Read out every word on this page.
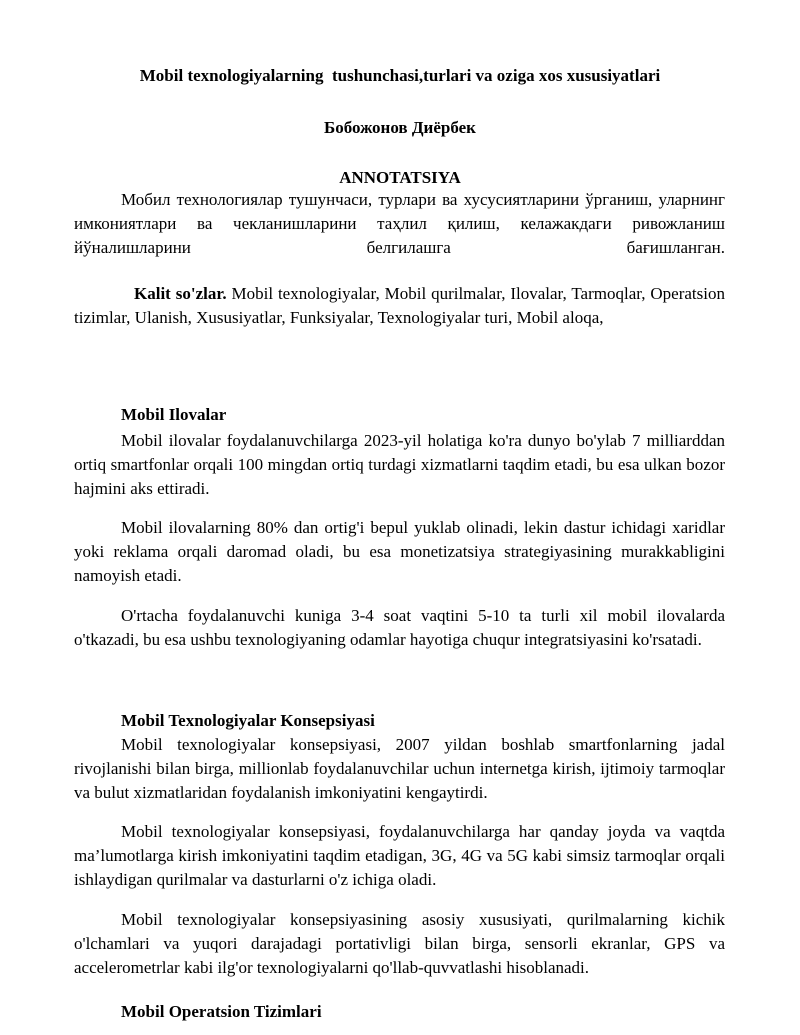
Mobil texnologiyalarning  tushunchasi,turlari va oziga xos xususiyatlari
Бобожонов Диёрбек
ANNOTATSIYA

Мобил технологиялар тушунчаси, турлари ва хусусиятларини ўрганиш, уларнинг имкониятлари ва чекланишларини таҳлил қилиш, келажакдаги ривожланиш йўналишларини белгилашга бағишланган.

Kalit so'zlar. Mobil texnologiyalar, Mobil qurilmalar, Ilovalar, Tarmoqlar, Operatsion tizimlar, Ulanish, Xususiyatlar, Funksiyalar, Texnologiyalar turi, Mobil aloqa,

Mobil Ilovalar

Mobil ilovalar foydalanuvchilarga 2023-yil holatiga ko'ra dunyo bo'ylab 7 milliarddan ortiq smartfonlar orqali 100 mingdan ortiq turdagi xizmatlarni taqdim etadi, bu esa ulkan bozor hajmini aks ettiradi.

Mobil ilovalarning 80% dan ortig'i bepul yuklab olinadi, lekin dastur ichidagi xaridlar yoki reklama orqali daromad oladi, bu esa monetizatsiya strategiyasining murakkabligini namoyish etadi.

O'rtacha foydalanuvchi kuniga 3-4 soat vaqtini 5-10 ta turli xil mobil ilovalarda o'tkazadi, bu esa ushbu texnologiyaning odamlar hayotiga chuqur integratsiyasini ko'rsatadi.

Mobil Texnologiyalar Konsepsiyasi

Mobil texnologiyalar konsepsiyasi, 2007 yildan boshlab smartfonlarning jadal rivojlanishi bilan birga, millionlab foydalanuvchilar uchun internetga kirish, ijtimoiy tarmoqlar va bulut xizmatlaridan foydalanish imkoniyatini kengaytirdi.

Mobil texnologiyalar konsepsiyasi, foydalanuvchilarga har qanday joyda va vaqtda ma’lumotlarga kirish imkoniyatini taqdim etadigan, 3G, 4G va 5G kabi simsiz tarmoqlar orqali ishlaydigan qurilmalar va dasturlarni o'z ichiga oladi.

Mobil texnologiyalar konsepsiyasining asosiy xususiyati, qurilmalarning kichik o'lchamlari va yuqori darajadagi portativligi bilan birga, sensorli ekranlar, GPS va accelerometrlar kabi ilg'or texnologiyalarni qo'llab-quvvatlashi hisoblanadi.

Mobil Operatsion Tizimlari
